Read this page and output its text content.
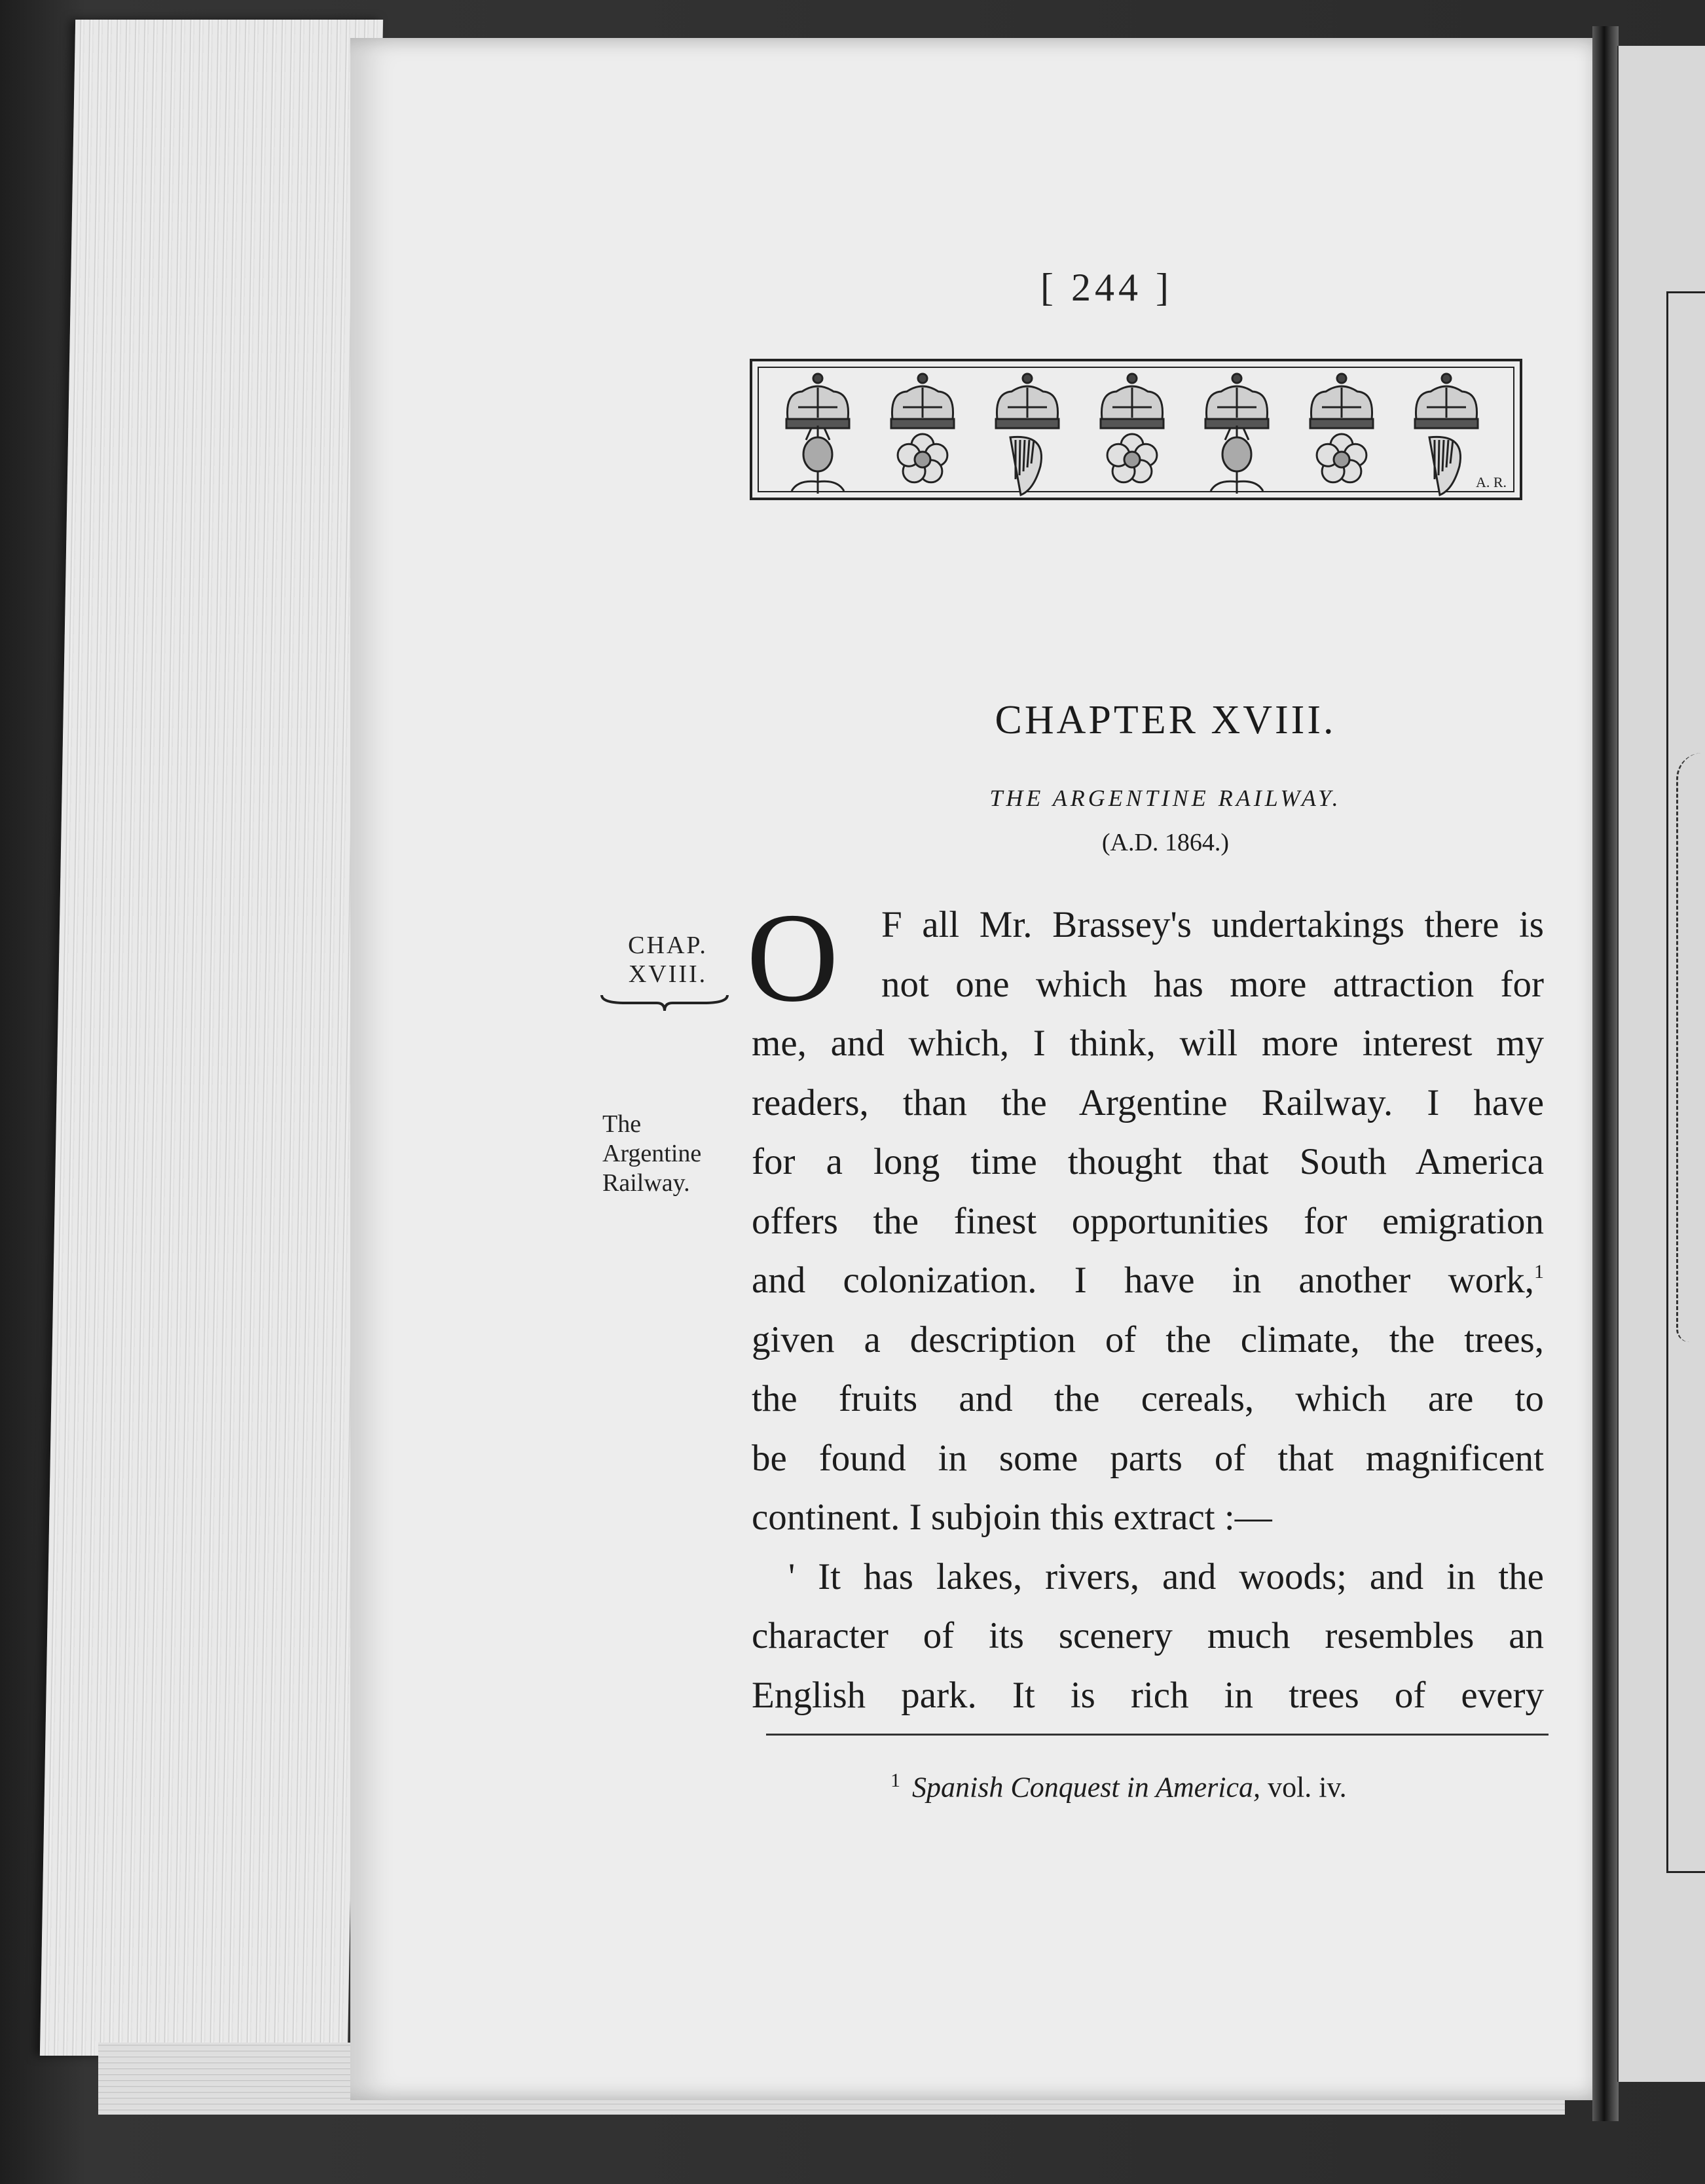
[ 244 ]
A. R.
CHAPTER XVIII.
THE ARGENTINE RAILWAY.
(A.D. 1864.)
CHAP.
XVIII.
The
Argentine
Railway.
O	F all Mr. Brassey's undertakings there is
not one which has more attraction for
me, and which, I think, will more interest my
readers, than the Argentine Railway. I have
for a long time thought that South America
offers the finest opportunities for emigration
and colonization. I have in another work,$^1$
given a description of the climate, the trees,
the fruits and the cereals, which are to
be found in some parts of that magnificent
continent. I subjoin this extract :—
' It has lakes, rivers, and woods; and in the
character of its scenery much resembles an
English park. It is rich in trees of every
$^1$ Spanish Conquest in America, vol. iv.
